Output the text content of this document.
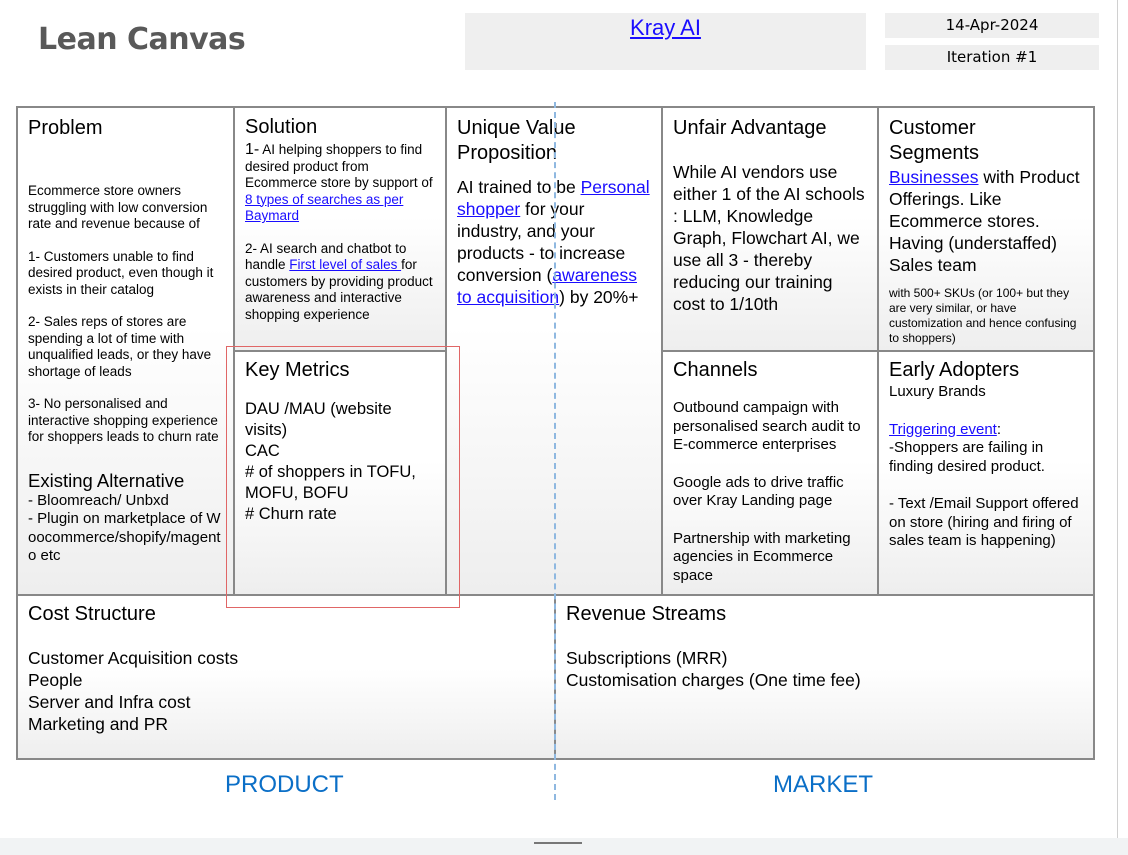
Lean Canvas	Kray AI	14-Apr-2024
Iteration #1
Problem
Ecommerce store owners struggling with low conversion rate and revenue because of
1- Customers unable to find desired product, even though it exists in their catalog
2- Sales reps of stores are spending a lot of time with unqualified leads, or they have shortage of leads
3- No personalised and interactive shopping experience for shoppers leads to churn rate
Existing Alternative
- Bloomreach/ Unbxd
- Plugin on marketplace of Woocommerce/shopify/magento etc
Solution
1- AI helping shoppers to find desired product from Ecommerce store by support of 8 types of searches as per Baymard
2- AI search and chatbot to handle First level of sales for customers by providing product awareness and interactive shopping experience
Key Metrics
DAU /MAU (website visits)
CAC
# of shoppers in TOFU, MOFU, BOFU
# Churn rate
Unique Value Proposition
AI trained to be Personal shopper for your industry, and your products - to increase conversion (awareness to acquisition) by 20%+
Unfair Advantage
While AI vendors use either 1 of the AI schools : LLM, Knowledge Graph, Flowchart AI, we use all 3 - thereby reducing our training cost to 1/10th
Channels
Outbound campaign with personalised search audit to E-commerce enterprises
Google ads to drive traffic over Kray Landing page
Partnership with marketing agencies in Ecommerce space
Customer Segments
Businesses with Product Offerings. Like Ecommerce stores. Having (understaffed) Sales team
with 500+ SKUs (or 100+ but they are very similar, or have customization and hence confusing to shoppers)
Early Adopters
Luxury Brands
Triggering event:
-Shoppers are failing in finding desired product.
- Text /Email Support offered on store (hiring and firing of sales team is happening)
Cost Structure
Customer Acquisition costs
People
Server and Infra cost
Marketing and PR
Revenue Streams
Subscriptions (MRR)
Customisation charges (One time fee)
PRODUCT	MARKET
